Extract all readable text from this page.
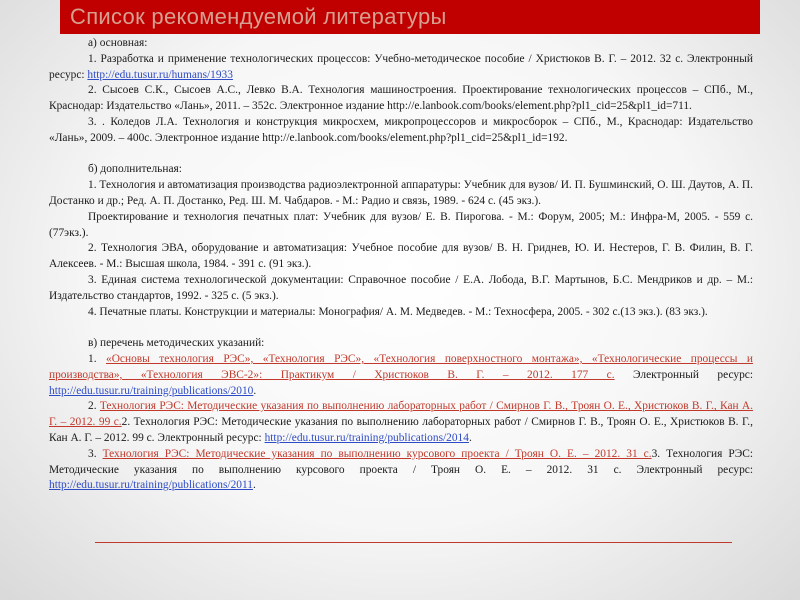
Список рекомендуемой литературы

а) основная:

1. Разработка и применение технологических процессов: Учебно-методическое пособие / Христюков В. Г. – 2012. 32 с. Электронный ресурс: http://edu.tusur.ru/humans/1933

2. Сысоев С.К., Сысоев А.С., Левко В.А. Технология машиностроения. Проектирование технологических процессов – СПб., М., Краснодар: Издательство «Лань», 2011. – 352с. Электронное издание http://e.lanbook.com/books/element.php?pl1_cid=25&pl1_id=711.

3. . Коледов Л.А. Технология и конструкция микросхем, микропроцессоров и микросборок – СПб., М., Краснодар: Издательство «Лань», 2009. – 400с. Электронное издание http://e.lanbook.com/books/element.php?pl1_cid=25&pl1_id=192.

б) дополнительная:

1. Технология и автоматизация производства радиоэлектронной аппаратуры: Учебник для вузов/ И. П. Бушминский, О. Ш. Даутов, А. П. Достанко и др.; Ред. А. П. Достанко, Ред. Ш. М. Чабдаров. - М.: Радио и связь, 1989. - 624 с. (45 экз.).

Проектирование и технология печатных плат: Учебник для вузов/ Е. В. Пирогова. - М.: Форум, 2005; М.: Инфра-М, 2005. - 559 с. (77экз.).

2. Технология ЭВА, оборудование и автоматизация: Учебное пособие для вузов/ В. Н. Гриднев, Ю. И. Нестеров, Г. В. Филин, В. Г. Алексеев. - М.: Высшая школа, 1984. - 391 с. (91 экз.).

3. Единая система технологической документации: Справочное пособие / Е.А. Лобода, В.Г. Мартынов, Б.С. Мендриков и др. – М.: Издательство стандартов, 1992. - 325 с. (5 экз.).

4. Печатные платы. Конструкции и материалы: Монография/ А. М. Медведев. - М.: Техносфера, 2005. - 302 с.(13 экз.). (83 экз.).

в) перечень методических указаний:

1. «Основы технология РЭС», «Технология РЭС», «Технология поверхностного монтажа», «Технологические процессы и производства», «Технология ЭВС-2»: Практикум / Христюков В. Г. – 2012. 177 с. Электронный ресурс: http://edu.tusur.ru/training/publications/2010.

2. Технология РЭС: Методические указания по выполнению лабораторных работ / Смирнов Г. В., Троян О. Е., Христюков В. Г., Кан А. Г. – 2012. 99 с.2. Технология РЭС: Методические указания по выполнению лабораторных работ / Смирнов Г. В., Троян О. Е., Христюков В. Г., Кан А. Г. – 2012. 99 с. Электронный ресурс: http://edu.tusur.ru/training/publications/2014.

3. Технология РЭС: Методические указания по выполнению курсового проекта / Троян О. Е. – 2012. 31 с.3. Технология РЭС: Методические указания по выполнению курсового проекта / Троян О. Е. – 2012. 31 с. Электронный ресурс: http://edu.tusur.ru/training/publications/2011.
